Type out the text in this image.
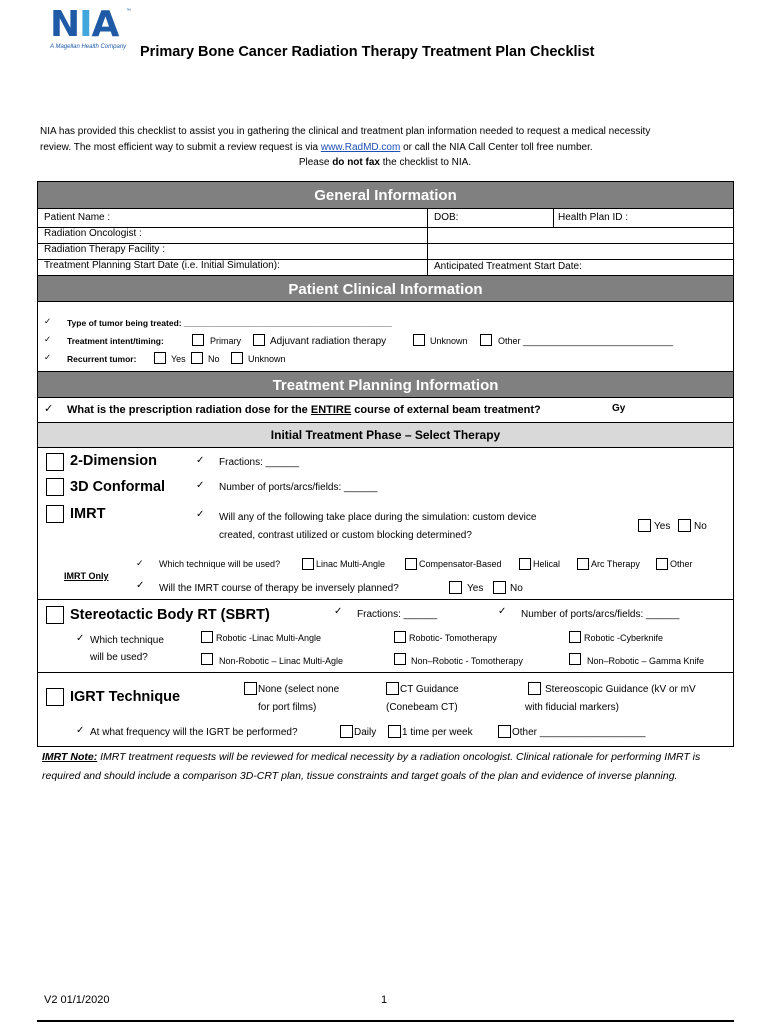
NIA	™
A Magellan Health Company Primary Bone Cancer Radiation Therapy Treatment Plan Checklist
NIA has provided this checklist to assist you in gathering the clinical and treatment plan information needed to request a medical necessity
review. The most efficient way to submit a review request is via www.RadMD.com or call the NIA Call Center toll free number.
Please do not fax the checklist to NIA.
General Information
Patient Name :	DOB:	Health Plan ID :
Radiation Oncologist :
Radiation Therapy Facility :
Treatment Planning Start Date (i.e. Initial Simulation):	Anticipated Treatment Start Date:
Patient Clinical Information
✓ Type of tumor being treated: ____________________________________________
✓ Treatment intent/timing:	Primary	Adjuvant radiation therapy	Unknown	Other ______________________________
✓ Recurrent tumor:	Yes No	Unknown
Treatment Planning Information
✓ What is the prescription radiation dose for the ENTIRE course of external beam treatment?	Gy
Initial Treatment Phase – Select Therapy
2-Dimension	✓ Fractions: ______
3D Conformal	✓ Number of ports/arcs/fields: ______
IMRT	✓ Will any of the following take place during the simulation: custom device
created, contrast utilized or custom blocking determined?
Yes No
IMRT Only
✓ Which technique will be used?	Linac Multi-Angle	Compensator-Based	Helical	Arc Therapy	Other
✓ Will the IMRT course of therapy be inversely planned?	Yes	No
Stereotactic Body RT (SBRT)	✓ Fractions: ______	✓ Number of ports/arcs/fields: ______
✓ Which technique
will be used?
Robotic -Linac Multi-Angle	Robotic- Tomotherapy	Robotic -Cyberknife
Non-Robotic – Linac Multi-Agle	Non–Robotic - Tomotherapy	Non–Robotic – Gamma Knife
IGRT Technique	None (select none
for port films)
CT Guidance
(Conebeam CT)
Stereoscopic Guidance (kV or mV
with fiducial markers)
✓ At what frequency will the IGRT be performed?	Daily	1 time per week	Other ___________________
IMRT Note: IMRT treatment requests will be reviewed for medical necessity by a radiation oncologist. Clinical rationale for performing IMRT is required and should include a comparison 3D-CRT plan, tissue constraints and target goals of the plan and evidence of inverse planning.
V2 01/1/2020	1
